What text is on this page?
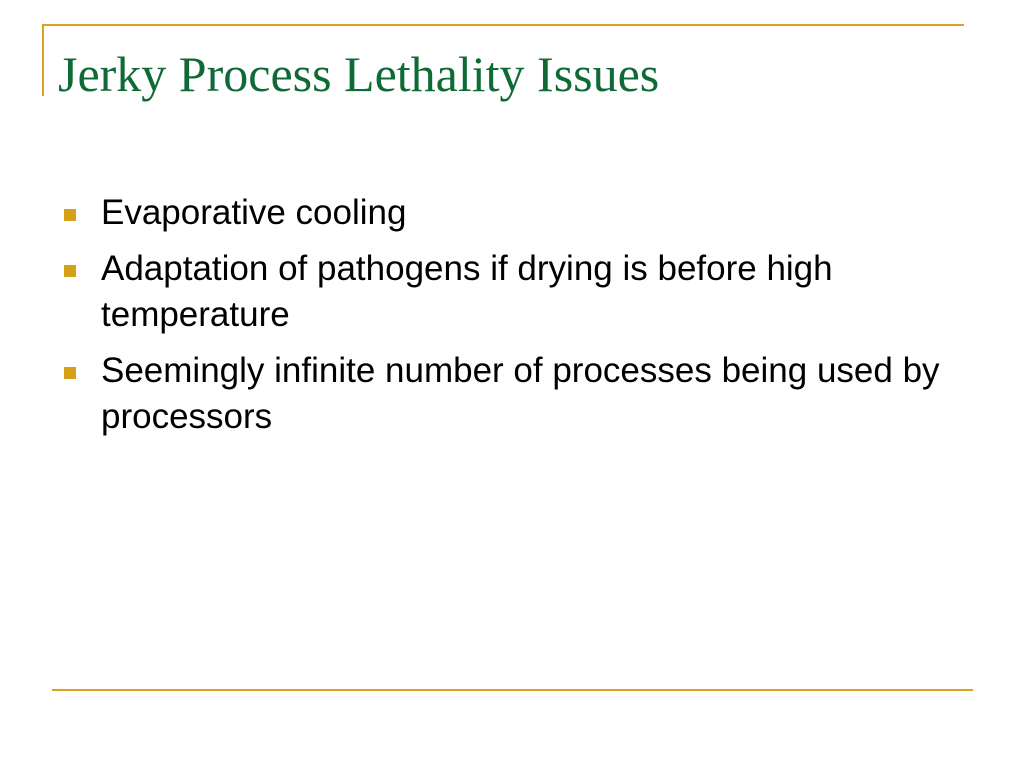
Jerky Process Lethality Issues
Evaporative cooling
Adaptation of pathogens if drying is before high temperature
Seemingly infinite number of processes being used by processors
